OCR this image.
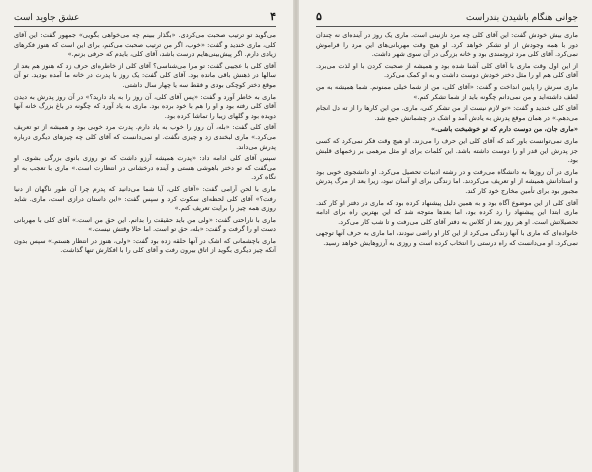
۴
عشق جاوید است

می‌گوید تو ترتیب صحبت می‌کردی. «بگذار ببینم چه می‌خواهی بگویی» جمهور گفت: این آقای کلی، ماری خندید و گفت: «خوب، اگر من ترتیب صحبت می‌کنم، برای این است که هنوز فکرهای زیادی دارم. اگر پیش‌بینی‌هایم درست باشد، آقای کلی، بایدم که حرفی بزنم.»

آقای کلی با عجیبی گفت: تو مرا می‌شناسی؟ آقای کلی از خاطره‌ای حرف زد که هنوز هم بعد از سالها در ذهنش باقی مانده بود. آقای کلی گفت: یک روز با پدرت در خانه ما آمده بودید. تو آن موقع دختر کوچکی بودی و فقط سه یا چهار سال داشتی.

ماری به خاطر آورد و گفت: «پس آقای کلی، آن روز را به یاد دارید؟» در آن روز پدرش به دیدن آقای کلی رفته بود و او را هم با خود برده بود. ماری به یاد آورد که چگونه در باغ بزرگ خانه آنها دویده بود و گلهای زیبا را تماشا کرده بود.

آقای کلی گفت: «بله، آن روز را خوب به یاد دارم. پدرت مرد خوبی بود و همیشه از تو تعریف می‌کرد.» ماری لبخندی زد و چیزی نگفت. او نمی‌دانست که آقای کلی چه چیزهای دیگری درباره پدرش می‌داند.

سپس آقای کلی ادامه داد: «پدرت همیشه آرزو داشت که تو روزی بانوی بزرگی بشوی. او می‌گفت که تو دختر باهوشی هستی و آینده درخشانی در انتظارت است.» ماری با تعجب به او نگاه کرد.

ماری با لحن آرامی گفت: «آقای کلی، آیا شما می‌دانید که پدرم چرا آن طور ناگهان از دنیا رفت؟» آقای کلی لحظه‌ای سکوت کرد و سپس گفت: «این داستان درازی است، ماری. شاید روزی همه چیز را برایت تعریف کنم.»

ماری با ناراحتی گفت: «ولی من باید حقیقت را بدانم. این حق من است.» آقای کلی با مهربانی دست او را گرفت و گفت: «بله، حق تو است. اما حالا وقتش نیست.»

ماری باچشمانی که اشک در آنها حلقه زده بود گفت: «ولی، هنوز در انتظار هستم.» سپس بدون آنکه چیز دیگری بگوید از اتاق بیرون رفت و آقای کلی را با افکارش تنها گذاشت.

جوانی هنگام باشیدن بندراست
۵

ماری بیش خودش گفت: این آقای کلی چه مرد نازنینی است. ماری یک روز در آینده‌ای نه چندان دور با همه وجودش از او تشکر خواهد کرد. او هیچ وقت مهربانی‌های این مرد را فراموش نمی‌کرد. آقای کلی مرد ثروتمندی بود و خانه بزرگی در آن سوی شهر داشت.

از این اول وقت ماری با آقای کلی آشنا شده بود و همیشه از صحبت کردن با او لذت می‌برد. آقای کلی هم او را مثل دختر خودش دوست داشت و به او کمک می‌کرد.

ماری سرش را پایین انداخت و گفت: «آقای کلی، من از شما خیلی ممنونم. شما همیشه به من لطف داشته‌اید و من نمی‌دانم چگونه باید از شما تشکر کنم.»

آقای کلی خندید و گفت: «تو لازم نیست از من تشکر کنی، ماری. من این کارها را از ته دل انجام می‌دهم.» در همان موقع پدرش به یادش آمد و اشک در چشمانش جمع شد.

«ماری جان، من دوست دارم که تو خوشبخت باشی.»

ماری نمی‌توانست باور کند که آقای کلی این حرف را می‌زند. او هیچ وقت فکر نمی‌کرد که کسی جز پدرش این قدر او را دوست داشته باشد. این کلمات برای او مثل مرهمی بر زخمهای قلبش بود.

ماری در آن روزها به دانشگاه می‌رفت و در رشته ادبیات تحصیل می‌کرد. او دانشجوی خوبی بود و استادانش همیشه از او تعریف می‌کردند. اما زندگی برای او آسان نبود، زیرا بعد از مرگ پدرش مجبور بود برای تأمین مخارج خود کار کند.

آقای کلی از این موضوع آگاه بود و به همین دلیل پیشنهاد کرده بود که ماری در دفتر او کار کند. ماری ابتدا این پیشنهاد را رد کرده بود، اما بعدها متوجه شد که این بهترین راه برای ادامه تحصیلاتش است. او هر روز بعد از کلاس به دفتر آقای کلی می‌رفت و تا شب کار می‌کرد.

خانواده‌ای که ماری با آنها زندگی می‌کرد از این کار او راضی نبودند، اما ماری به حرف آنها توجهی نمی‌کرد. او می‌دانست که راه درستی را انتخاب کرده است و روزی به آرزوهایش خواهد رسید.
